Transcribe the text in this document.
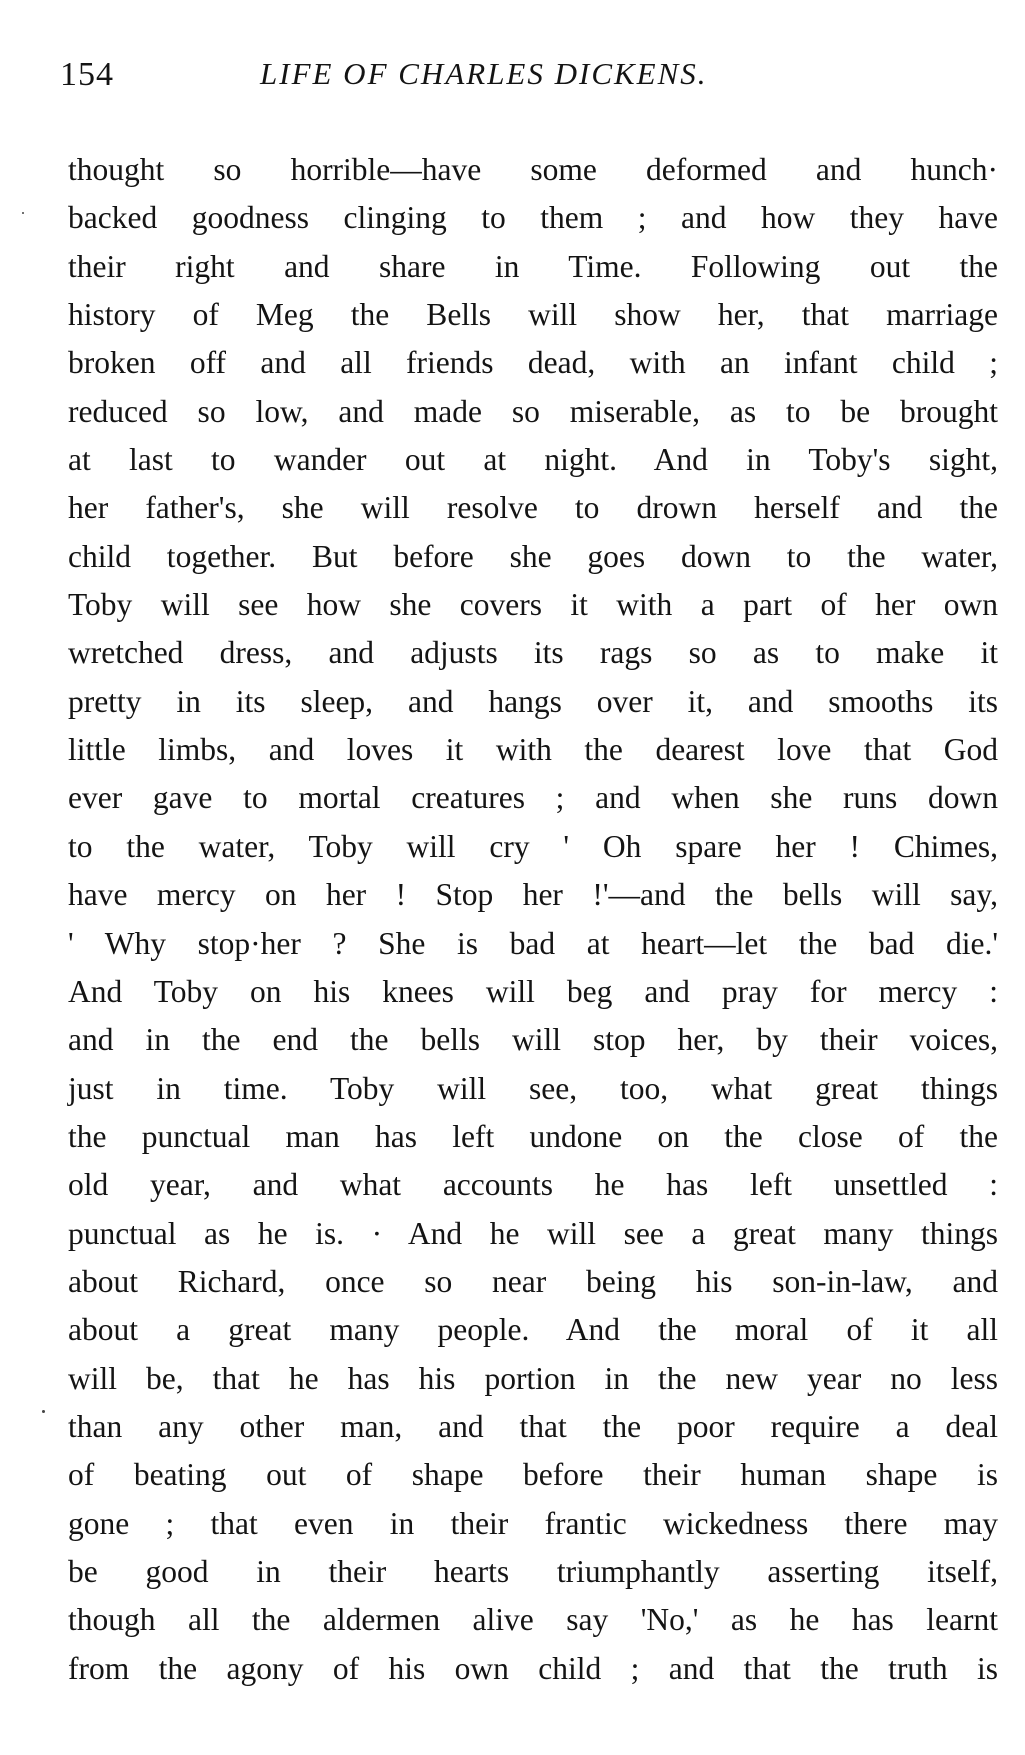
154	LIFE OF CHARLES DICKENS.
thought so horrible—have some deformed and hunch·
backed goodness clinging to them ; and how they have
their right and share in Time. Following out the
history of Meg the Bells will show her, that marriage
broken off and all friends dead, with an infant child ;
reduced so low, and made so miserable, as to be brought
at last to wander out at night. And in Toby's sight,
her father's, she will resolve to drown herself and the
child together. But before she goes down to the water,
Toby will see how she covers it with a part of her own
wretched dress, and adjusts its rags so as to make it
pretty in its sleep, and hangs over it, and smooths its
little limbs, and loves it with the dearest love that God
ever gave to mortal creatures ; and when she runs down
to the water, Toby will cry ' Oh spare her ! Chimes,
have mercy on her ! Stop her !'—and the bells will say,
' Why stop·her ? She is bad at heart—let the bad die.'
And Toby on his knees will beg and pray for mercy :
and in the end the bells will stop her, by their voices,
just in time. Toby will see, too, what great things
the punctual man has left undone on the close of the
old year, and what accounts he has left unsettled :
punctual as he is. · And he will see a great many things
about Richard, once so near being his son-in-law, and
about a great many people. And the moral of it all
will be, that he has his portion in the new year no less
than any other man, and that the poor require a deal
of beating out of shape before their human shape is
gone ; that even in their frantic wickedness there may
be good in their hearts triumphantly asserting itself,
though all the aldermen alive say 'No,' as he has learnt
from the agony of his own child ; and that the truth is
